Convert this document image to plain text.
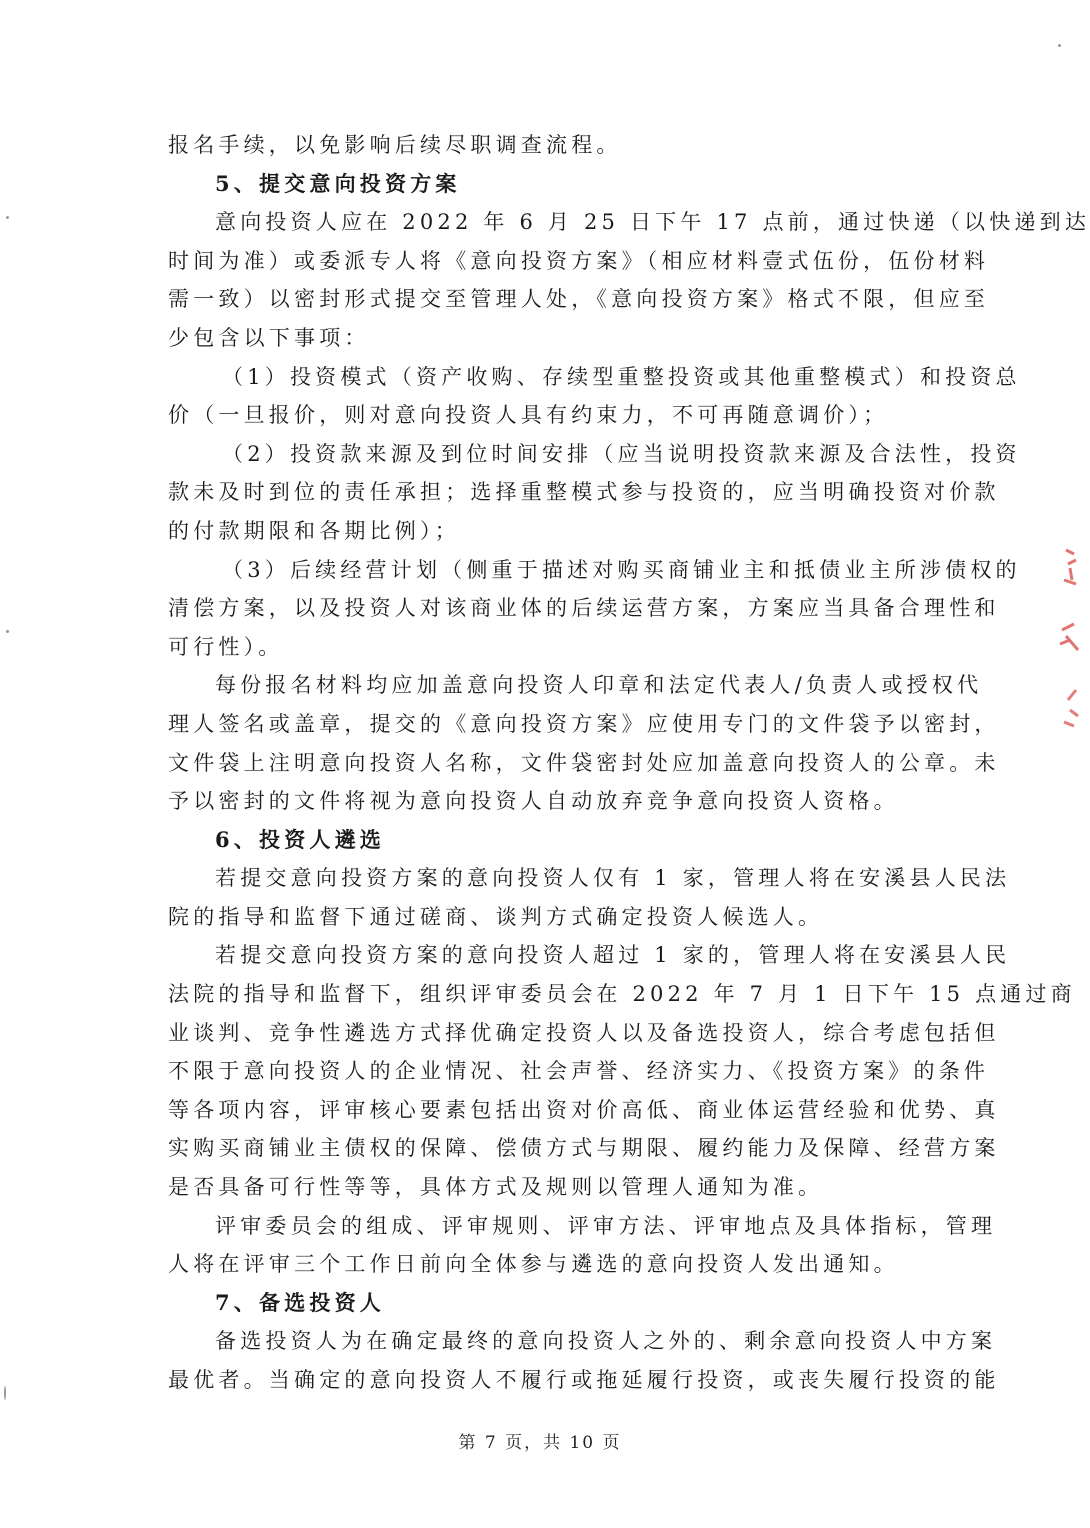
报名手续，以免影响后续尽职调查流程。
5、提交意向投资方案
意向投资人应在 2022 年 6 月 25 日下午 17 点前，通过快递（以快递到达
时间为准）或委派专人将《意向投资方案》（相应材料壹式伍份，伍份材料
需一致）以密封形式提交至管理人处，《意向投资方案》格式不限，但应至
少包含以下事项：
（1）投资模式（资产收购、存续型重整投资或其他重整模式）和投资总
价（一旦报价，则对意向投资人具有约束力，不可再随意调价）；
（2）投资款来源及到位时间安排（应当说明投资款来源及合法性，投资
款未及时到位的责任承担；选择重整模式参与投资的，应当明确投资对价款
的付款期限和各期比例）；
（3）后续经营计划（侧重于描述对购买商铺业主和抵债业主所涉债权的
清偿方案，以及投资人对该商业体的后续运营方案，方案应当具备合理性和
可行性）。
每份报名材料均应加盖意向投资人印章和法定代表人/负责人或授权代
理人签名或盖章，提交的《意向投资方案》应使用专门的文件袋予以密封，
文件袋上注明意向投资人名称，文件袋密封处应加盖意向投资人的公章。未
予以密封的文件将视为意向投资人自动放弃竞争意向投资人资格。
6、投资人遴选
若提交意向投资方案的意向投资人仅有 1 家，管理人将在安溪县人民法
院的指导和监督下通过磋商、谈判方式确定投资人候选人。
若提交意向投资方案的意向投资人超过 1 家的，管理人将在安溪县人民
法院的指导和监督下，组织评审委员会在 2022 年 7 月 1 日下午 15 点通过商
业谈判、竞争性遴选方式择优确定投资人以及备选投资人，综合考虑包括但
不限于意向投资人的企业情况、社会声誉、经济实力、《投资方案》的条件
等各项内容，评审核心要素包括出资对价高低、商业体运营经验和优势、真
实购买商铺业主债权的保障、偿债方式与期限、履约能力及保障、经营方案
是否具备可行性等等，具体方式及规则以管理人通知为准。
评审委员会的组成、评审规则、评审方法、评审地点及具体指标，管理
人将在评审三个工作日前向全体参与遴选的意向投资人发出通知。
7、备选投资人
备选投资人为在确定最终的意向投资人之外的、剩余意向投资人中方案
最优者。当确定的意向投资人不履行或拖延履行投资，或丧失履行投资的能
第 7 页，共 10 页
